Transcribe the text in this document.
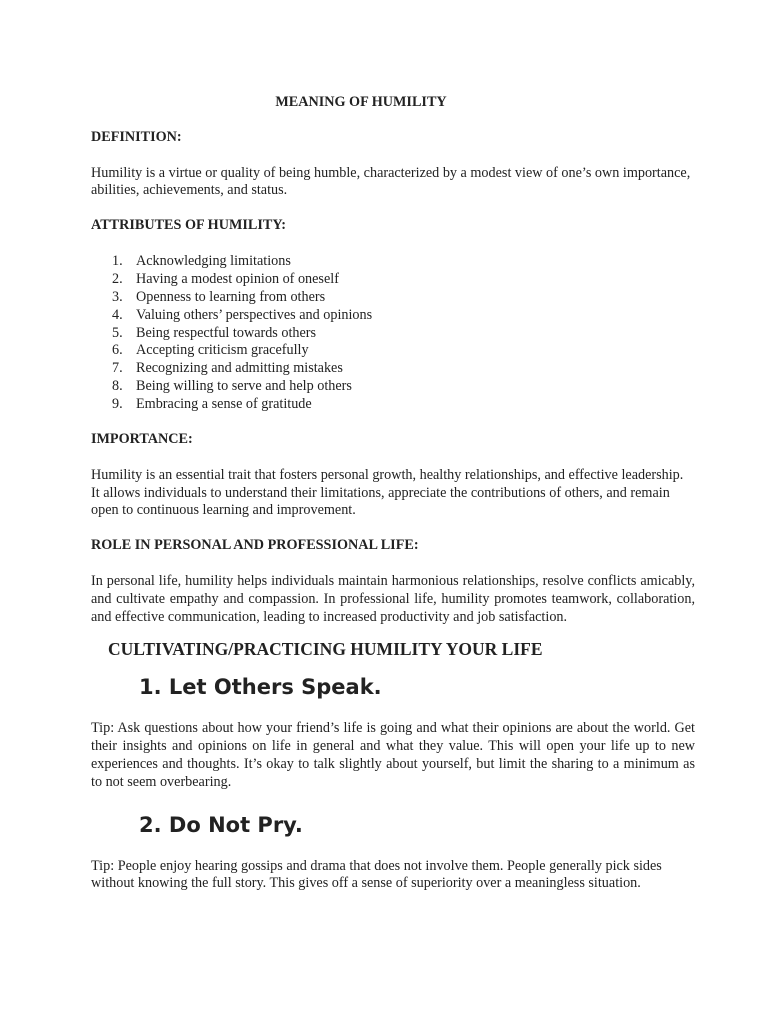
MEANING OF HUMILITY

DEFINITION:

Humility is a virtue or quality of being humble, characterized by a modest view of one’s own importance, abilities, achievements, and status.

ATTRIBUTES OF HUMILITY:

1. Acknowledging limitations
2. Having a modest opinion of oneself
3. Openness to learning from others
4. Valuing others’ perspectives and opinions
5. Being respectful towards others
6. Accepting criticism gracefully
7. Recognizing and admitting mistakes
8. Being willing to serve and help others
9. Embracing a sense of gratitude

IMPORTANCE:

Humility is an essential trait that fosters personal growth, healthy relationships, and effective leadership. It allows individuals to understand their limitations, appreciate the contributions of others, and remain open to continuous learning and improvement.

ROLE IN PERSONAL AND PROFESSIONAL LIFE:

In personal life, humility helps individuals maintain harmonious relationships, resolve conflicts amicably, and cultivate empathy and compassion. In professional life, humility promotes teamwork, collaboration, and effective communication, leading to increased productivity and job satisfaction.

CULTIVATING/PRACTICING HUMILITY YOUR LIFE

1. Let Others Speak.

Tip: Ask questions about how your friend’s life is going and what their opinions are about the world. Get their insights and opinions on life in general and what they value. This will open your life up to new experiences and thoughts. It’s okay to talk slightly about yourself, but limit the sharing to a minimum as to not seem overbearing.

2. Do Not Pry.

Tip: People enjoy hearing gossips and drama that does not involve them. People generally pick sides without knowing the full story. This gives off a sense of superiority over a meaningless situation.
